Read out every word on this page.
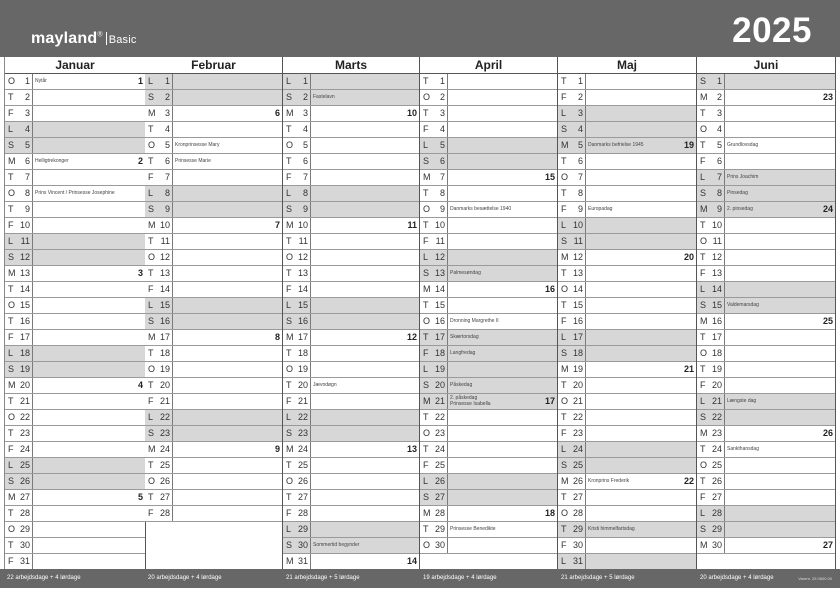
mayland® Basic	2025
Januar
O	1 Nytår	1
T	2
F	3
L	4
S	5
M	6 Helligtrekonger	2
T	7
O	8 Prins Vincent / Prinsesse Josephine
T	9
F 10
L 11
S 12
M 13	3
T 14
O 15
T 16
F 17
L 18
S 19
M 20	4
T 21
O 22
T 23
F 24
L 25
S 26
M 27	5
T 28
O 29
T 30
F 31
Februar
L	1
S	2
M	3	6
T	4
O	5 Kronprinsesse Mary
T	6 Prinsesse Marie
F	7
L	8
S	9
M 10	7
T 11
O 12
T 13
F 14
L 15
S 16
M 17	8
T 18
O 19
T 20
F 21
L 22
S 23
M 24	9
T 25
O 26
T 27
F 28
Marts
L	1
S	2 Fastelavn
M	3	10
T	4
O	5
T	6
F	7
L	8
S	9
M 10	11
T 11
O 12
T 13
F 14
L 15
S 16
M 17	12
T 18
O 19
T 20 Jævndøgn
F 21
L 22
S 23
M 24	13
T 25
O 26
T 27
F 28
L 29
S 30 Sommertid begynder
M 31	14
April
T	1
O	2
T	3
F	4
L	5
S	6
M	7	15
T	8
O	9 Danmarks besættelse 1940
T 10
F 11
L 12
S 13 Palmesøndag
M 14	16
T 15
O 16 Dronning Margrethe II
T 17 Skærtorsdag
F 18 Langfredag
L 19
S 20 Påskedag
M 21 2. påskedag
Prinsesse Isabella	17
T 22
O 23
T 24
F 25
L 26
S 27
M 28	18
T 29 Prinsesse Benedikte
O 30
Maj
T	1
F	2
L	3
S	4
M	5 Danmarks befrielse 1945	19
T	6
O	7
T	8
F	9 Europadag
L 10
S 11
M 12	20
T 13
O 14
T 15
F 16
L 17
S 18
M 19	21
T 20
O 21
T 22
F 23
L 24
S 25
M 26 Kronprins Frederik	22
T 27
O 28
T 29 Kristi himmelfartsdag
F 30
L 31
Juni
S	1
M	2	23
T	3
O	4
T	5 Grundlovsdag
F	6
L	7 Prins Joachim
S	8 Pinsedag
M	9 2. pinsedag	24
T 10
O 11
T 12
F 13
L 14
S 15 Valdemarsdag
M 16	25
T 17
O 18
T 19
F 20
L 21 Længste dag
S 22
M 23	26
T 24 Sankthansdag
O 25
T 26
F 27
L 28
S 29
M 30	27
22 arbejdsdage + 4 lørdage	20 arbejdsdage + 4 lørdage	21 arbejdsdage + 5 lørdage	19 arbejdsdage + 4 lørdage	21 arbejdsdage + 5 lørdage	20 arbejdsdage + 4 lørdage	Varenr. 25 0600 00
